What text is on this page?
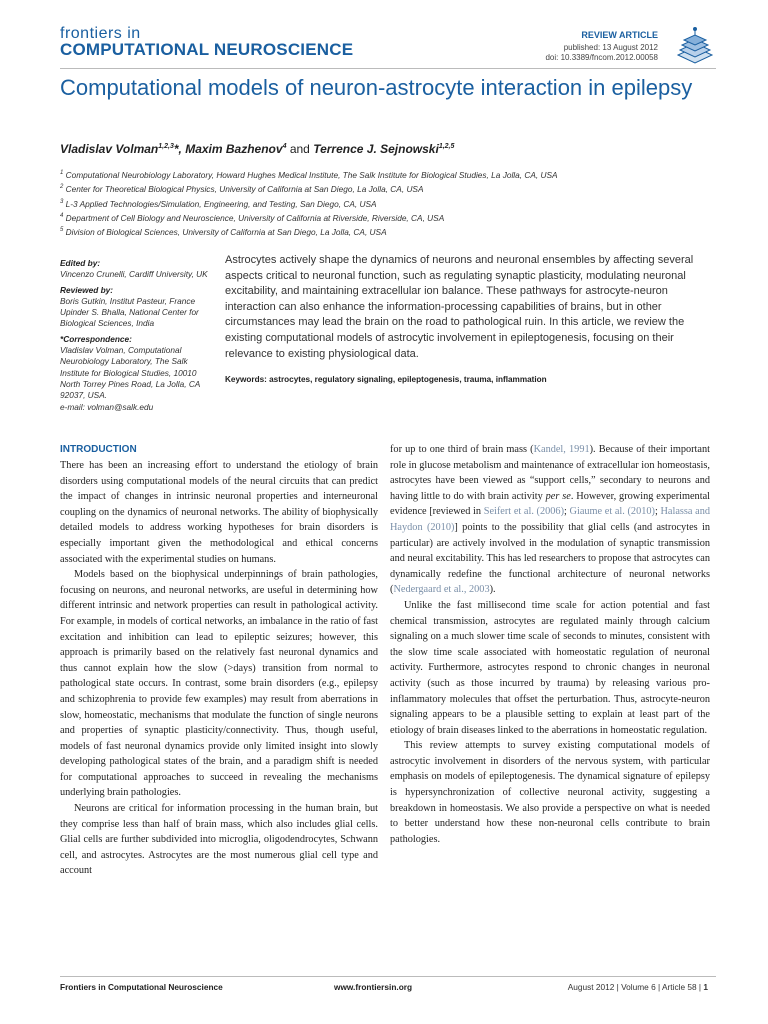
frontiers in
COMPUTATIONAL NEUROSCIENCE
REVIEW ARTICLE
published: 13 August 2012
doi: 10.3389/fncom.2012.00058
Computational models of neuron-astrocyte interaction in epilepsy
Vladislav Volman$^{1,2,3}$*, Maxim Bazhenov$^4$ and Terrence J. Sejnowski$^{1,2,5}$
$^1$ Computational Neurobiology Laboratory, Howard Hughes Medical Institute, The Salk Institute for Biological Studies, La Jolla, CA, USA
$^2$ Center for Theoretical Biological Physics, University of California at San Diego, La Jolla, CA, USA
$^3$ L-3 Applied Technologies/Simulation, Engineering, and Testing, San Diego, CA, USA
$^4$ Department of Cell Biology and Neuroscience, University of California at Riverside, Riverside, CA, USA
$^5$ Division of Biological Sciences, University of California at San Diego, La Jolla, CA, USA
Edited by:
Vincenzo Crunelli, Cardiff University, UK
Reviewed by:
Boris Gutkin, Institut Pasteur, France Upinder S. Bhalla, National Center for Biological Sciences, India
*Correspondence:
Vladislav Volman, Computational Neurobiology Laboratory, The Salk Institute for Biological Studies, 10010 North Torrey Pines Road, La Jolla, CA 92037, USA.
e-mail: volman@salk.edu
Astrocytes actively shape the dynamics of neurons and neuronal ensembles by affecting several aspects critical to neuronal function, such as regulating synaptic plasticity, modulating neuronal excitability, and maintaining extracellular ion balance. These pathways for astrocyte-neuron interaction can also enhance the information-processing capabilities of brains, but in other circumstances may lead the brain on the road to pathological ruin. In this article, we review the existing computational models of astrocytic involvement in epileptogenesis, focusing on their relevance to existing physiological data.
Keywords: astrocytes, regulatory signaling, epileptogenesis, trauma, inflammation
INTRODUCTION

There has been an increasing effort to understand the etiology of brain disorders using computational models of the neural circuits that can predict the impact of changes in intrinsic neuronal properties and interneuronal coupling on the dynamics of neuronal networks. The ability of biophysically detailed models to address working hypotheses for brain disorders is especially important given the methodological and ethical concerns associated with the experimental studies on humans.

Models based on the biophysical underpinnings of brain pathologies, focusing on neurons, and neuronal networks, are useful in determining how different intrinsic and network properties can result in pathological activity. For example, in models of cortical networks, an imbalance in the ratio of fast excitation and inhibition can lead to epileptic seizures; however, this approach is primarily based on the relatively fast neuronal dynamics and thus cannot explain how the slow (>days) transition from normal to pathological state occurs. In contrast, some brain disorders (e.g., epilepsy and schizophrenia to provide few examples) may result from aberrations in slow, homeostatic, mechanisms that modulate the function of single neurons and properties of synaptic plasticity/connectivity. Thus, though useful, models of fast neuronal dynamics provide only limited insight into slowly developing pathological states of the brain, and a paradigm shift is needed for computational approaches to succeed in revealing the mechanisms underlying brain pathologies.

Neurons are critical for information processing in the human brain, but they comprise less than half of brain mass, which also includes glial cells. Glial cells are further subdivided into microglia, oligodendrocytes, Schwann cell, and astrocytes. Astrocytes are the most numerous glial cell type and account

for up to one third of brain mass (Kandel, 1991). Because of their important role in glucose metabolism and maintenance of extracellular ion homeostasis, astrocytes have been viewed as “support cells,” secondary to neurons and having little to do with brain activity per se. However, growing experimental evidence [reviewed in Seifert et al. (2006); Giaume et al. (2010); Halassa and Haydon (2010)] points to the possibility that glial cells (and astrocytes in particular) are actively involved in the modulation of synaptic transmission and neural excitability. This has led researchers to propose that astrocytes can dynamically redefine the functional architecture of neuronal networks (Nedergaard et al., 2003).

Unlike the fast millisecond time scale for action potential and fast chemical transmission, astrocytes are regulated mainly through calcium signaling on a much slower time scale of seconds to minutes, consistent with the slow time scale associated with homeostatic regulation of neuronal activity. Furthermore, astrocytes respond to chronic changes in neuronal activity (such as those incurred by trauma) by releasing various pro-inflammatory molecules that offset the perturbation. Thus, astrocyte-neuron signaling appears to be a plausible setting to explain at least part of the etiology of brain diseases linked to the aberrations in homeostatic regulation.

This review attempts to survey existing computational models of astrocytic involvement in disorders of the nervous system, with particular emphasis on models of epileptogenesis. The dynamical signature of epilepsy is hypersynchronization of collective neuronal activity, suggesting a breakdown in homeostasis. We also provide a perspective on what is needed to better understand how these non-neuronal cells contribute to brain pathologies.

Frontiers in Computational Neuroscience	www.frontiersin.org	August 2012 | Volume 6 | Article 58 | 1
